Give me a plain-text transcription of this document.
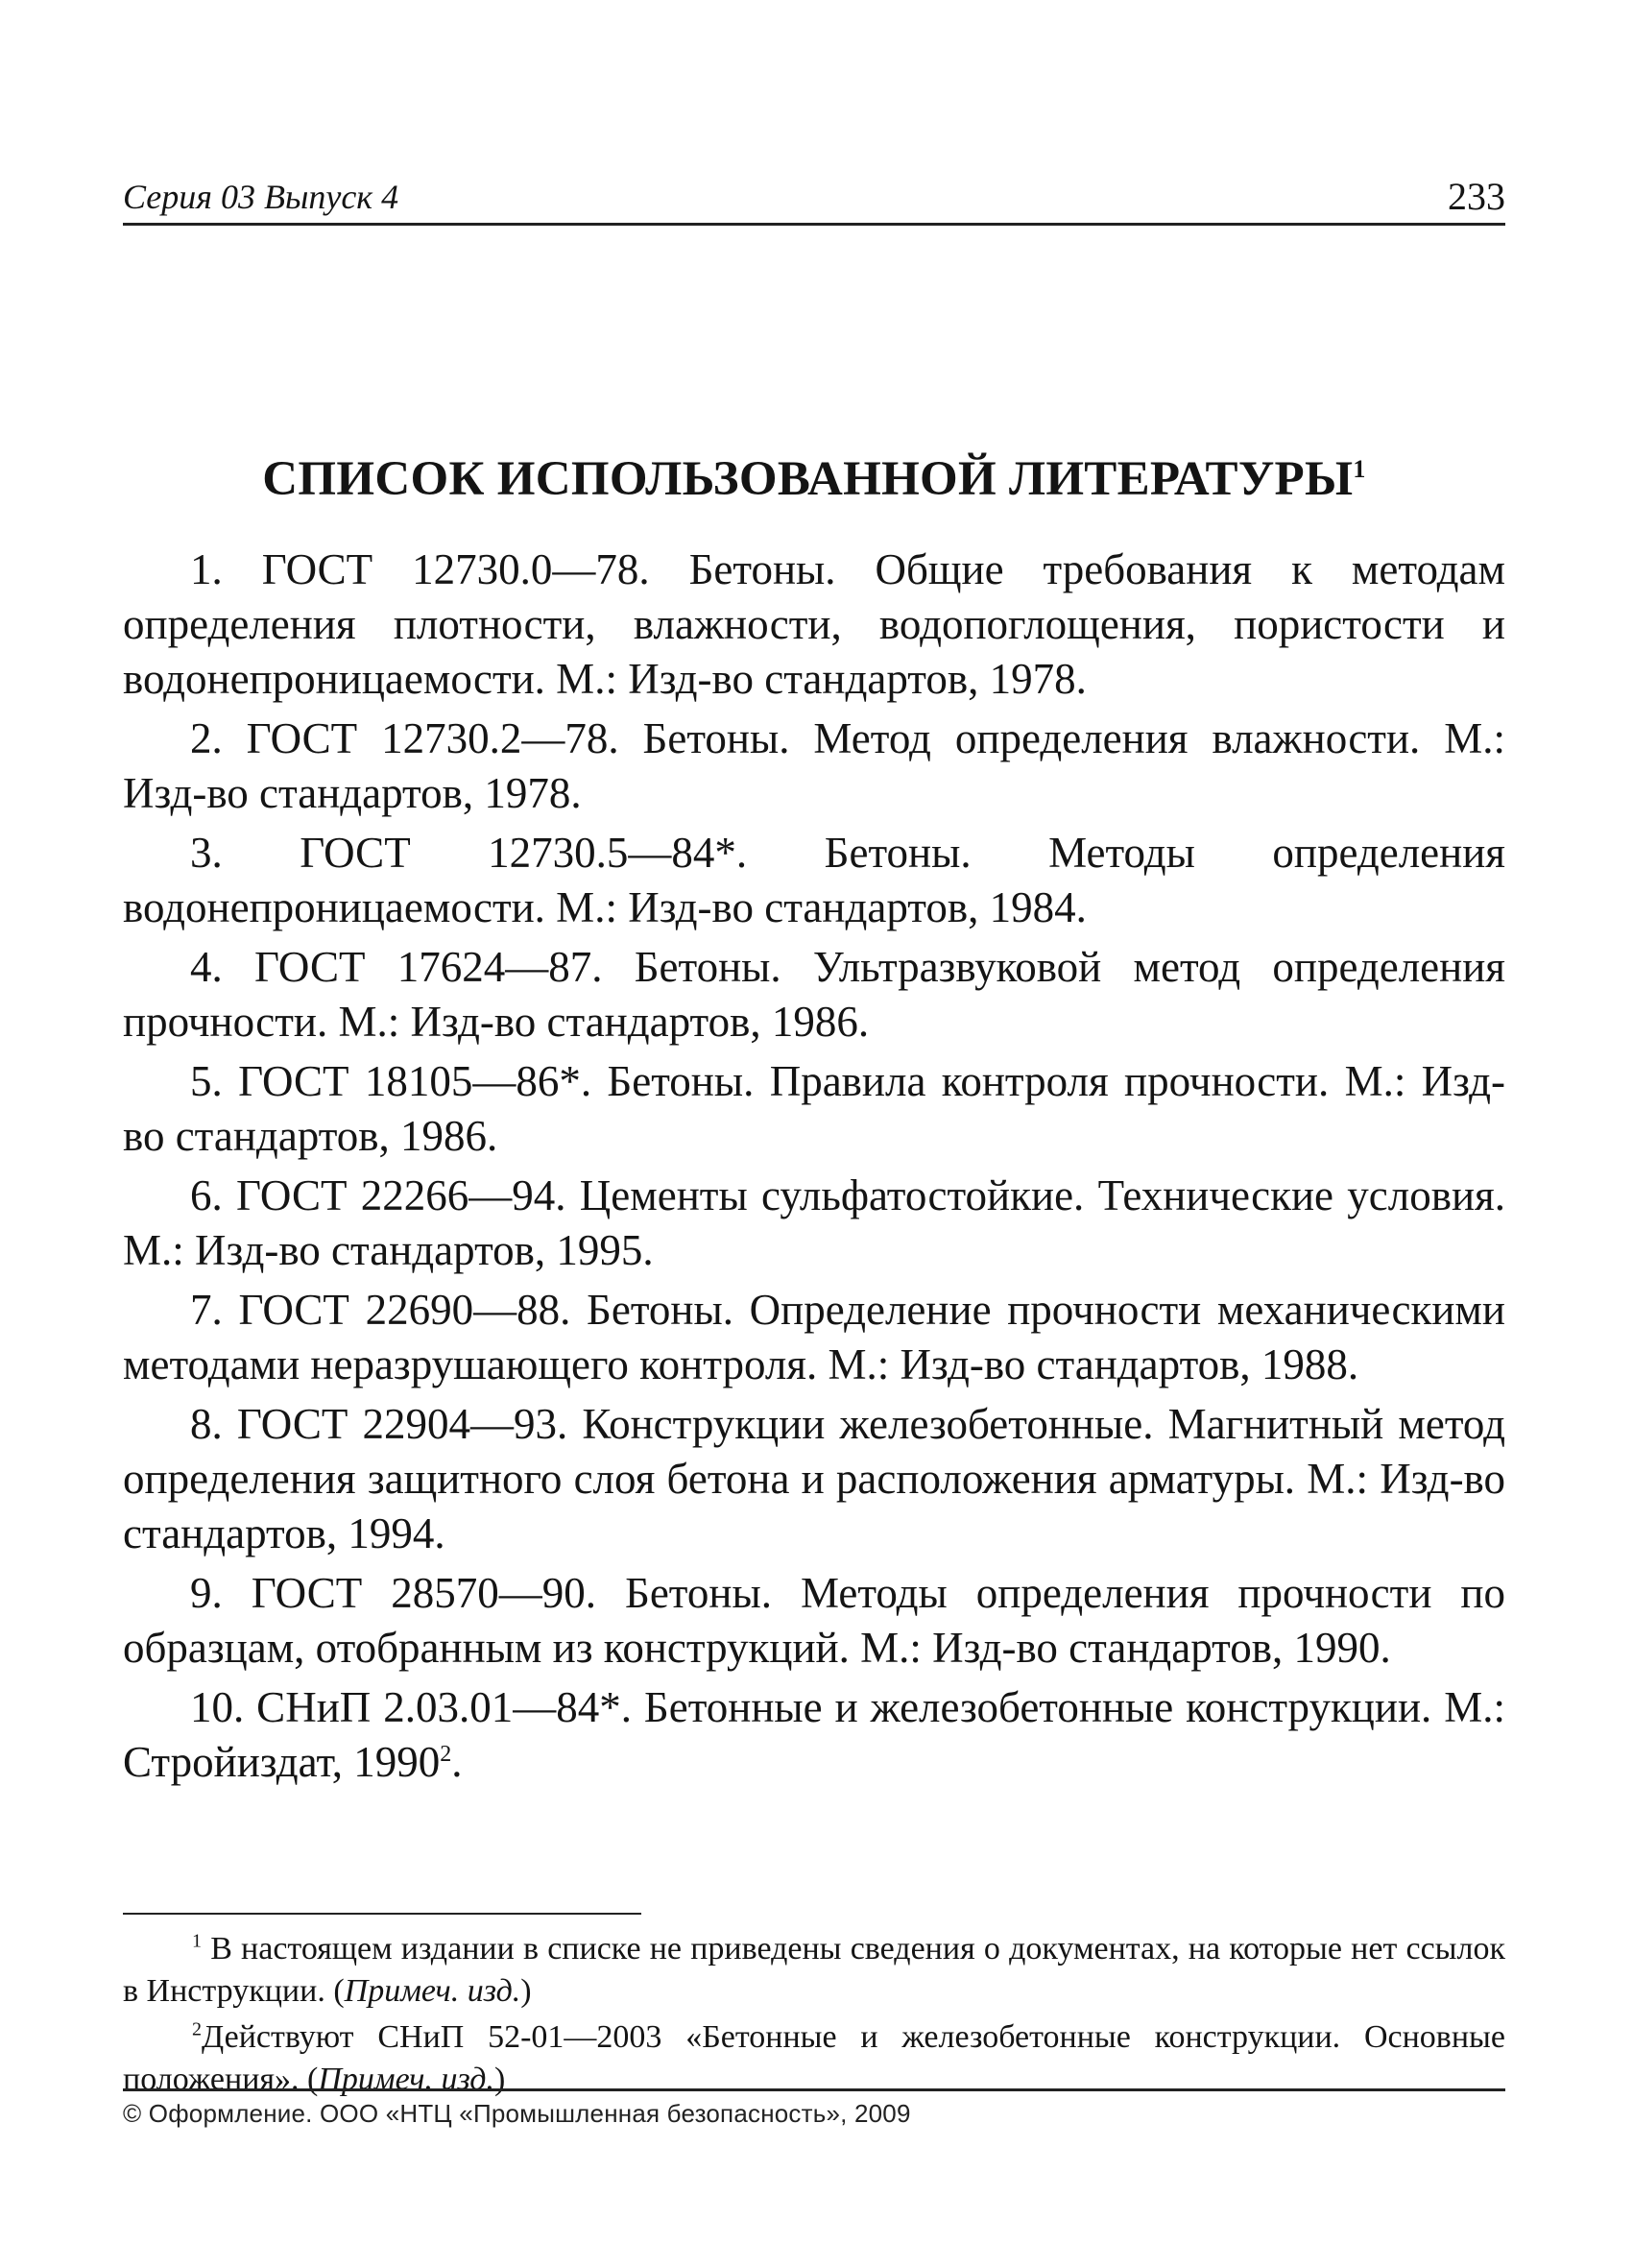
Серия 03 Выпуск 4	233
СПИСОК ИСПОЛЬЗОВАННОЙ ЛИТЕРАТУРЫ$^1$
1. ГОСТ 12730.0—78. Бетоны. Общие требования к методам определения плотности, влажности, водопоглощения, пористости и водонепроницаемости. М.: Изд-во стандартов, 1978.
2. ГОСТ 12730.2—78. Бетоны. Метод определения влажности. М.: Изд-во стандартов, 1978.
3. ГОСТ 12730.5—84*. Бетоны. Методы определения водонепроницаемости. М.: Изд-во стандартов, 1984.
4. ГОСТ 17624—87. Бетоны. Ультразвуковой метод определения прочности. М.: Изд-во стандартов, 1986.
5. ГОСТ 18105—86*. Бетоны. Правила контроля прочности. М.: Изд-во стандартов, 1986.
6. ГОСТ 22266—94. Цементы сульфатостойкие. Технические условия. М.: Изд-во стандартов, 1995.
7. ГОСТ 22690—88. Бетоны. Определение прочности механическими методами неразрушающего контроля. М.: Изд-во стандартов, 1988.
8. ГОСТ 22904—93. Конструкции железобетонные. Магнитный метод определения защитного слоя бетона и расположения арматуры. М.: Изд-во стандартов, 1994.
9. ГОСТ 28570—90. Бетоны. Методы определения прочности по образцам, отобранным из конструкций. М.: Изд-во стандартов, 1990.
10. СНиП 2.03.01—84*. Бетонные и железобетонные конструкции. М.: Стройиздат, 1990$^2$.

$^1$ В настоящем издании в списке не приведены сведения о документах, на которые нет ссылок в Инструкции. (Примеч. изд.)

$^2$Действуют СНиП 52-01—2003 «Бетонные и железобетонные конструкции. Основные положения». (Примеч. изд.)

© Оформление. ООО «НТЦ «Промышленная безопасность», 2009
